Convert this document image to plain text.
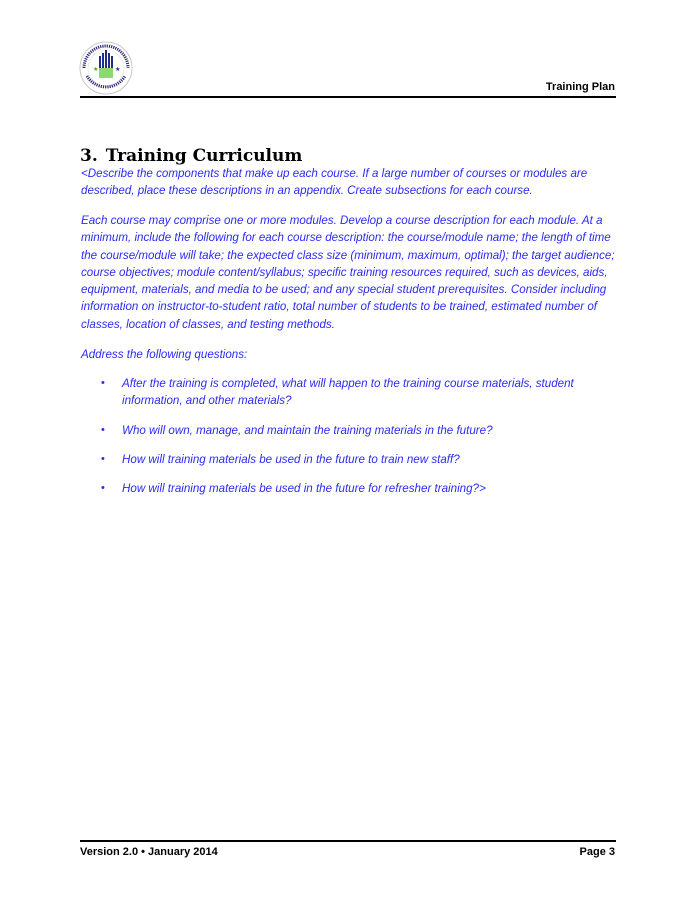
★	★
Training Plan
3. Training Curriculum
<Describe the components that make up each course. If a large number of courses or modules are described, place these descriptions in an appendix. Create subsections for each course.
Each course may comprise one or more modules. Develop a course description for each module. At a minimum, include the following for each course description: the course/module name; the length of time the course/module will take; the expected class size (minimum, maximum, optimal); the target audience; course objectives; module content/syllabus; specific training resources required, such as devices, aids, equipment, materials, and media to be used; and any special student prerequisites. Consider including information on instructor-to-student ratio, total number of students to be trained, estimated number of classes, location of classes, and testing methods.
Address the following questions:
• After the training is completed, what will happen to the training course materials, student information, and other materials?
• Who will own, manage, and maintain the training materials in the future?
• How will training materials be used in the future to train new staff?
• How will training materials be used in the future for refresher training?>
Version 2.0 • January 2014	Page 3
